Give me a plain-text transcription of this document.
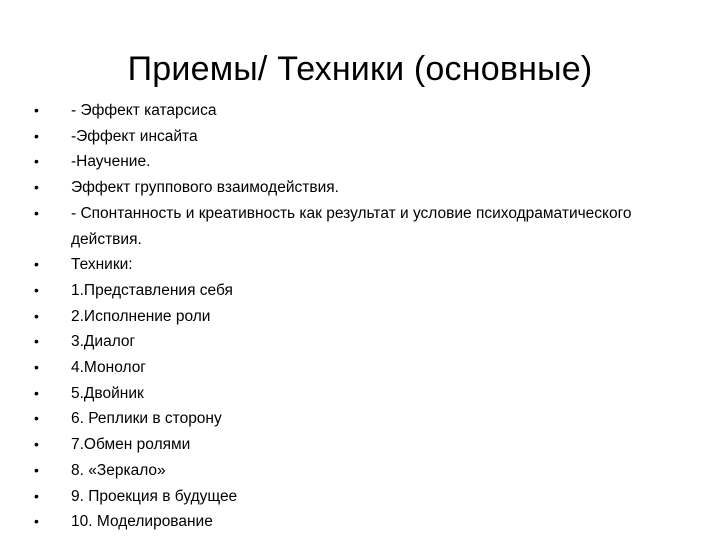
Приемы/ Техники (основные)
• - Эффект катарсиса
• -Эффект инсайта
• -Научение.
• Эффект группового взаимодействия.
• - Спонтанность и креативность как результат и условие психодраматического действия.
• Техники:
• 1.Представления себя
• 2.Исполнение роли
• 3.Диалог
• 4.Монолог
• 5.Двойник
• 6. Реплики в сторону
• 7.Обмен ролями
• 8. «Зеркало»
• 9. Проекция в будущее
• 10. Моделирование
